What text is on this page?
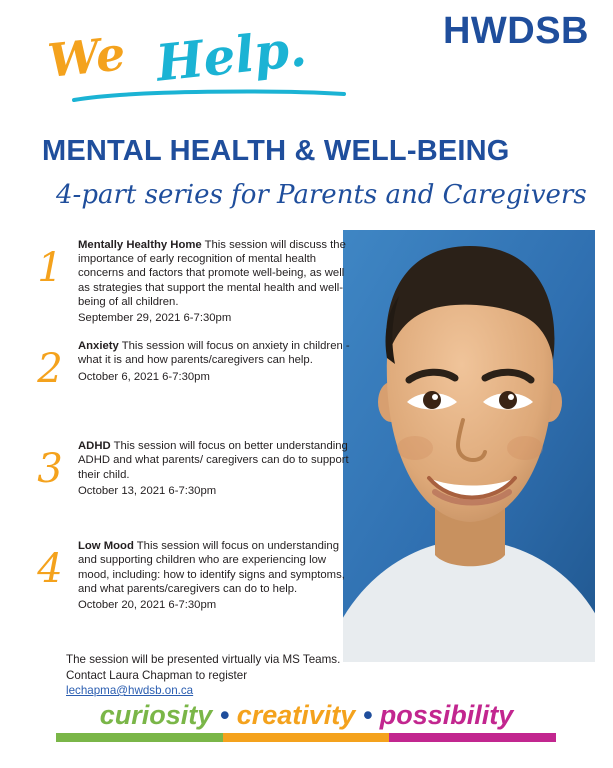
HWDSB
We Help.
MENTAL HEALTH & WELL-BEING
4-part series for Parents and Caregivers
1	Mentally Healthy Home This session will discuss the importance of early recognition of mental health concerns and factors that promote well-being, as well as strategies that support the mental health and well-being of all children.
September 29, 2021 6-7:30pm
2	Anxiety This session will focus on anxiety in children - what it is and how parents/caregivers can help.
October 6, 2021 6-7:30pm
3	ADHD This session will focus on better understanding ADHD and what parents/ caregivers can do to support their child.
October 13, 2021 6-7:30pm
4	Low Mood This session will focus on understanding and supporting children who are experiencing low mood, including: how to identify signs and symptoms, and what parents/caregivers can do to help.
October 20, 2021 6-7:30pm
The session will be presented virtually via MS Teams.
Contact Laura Chapman to register
lechapma@hwdsb.on.ca
curiosity • creativity • possibility
